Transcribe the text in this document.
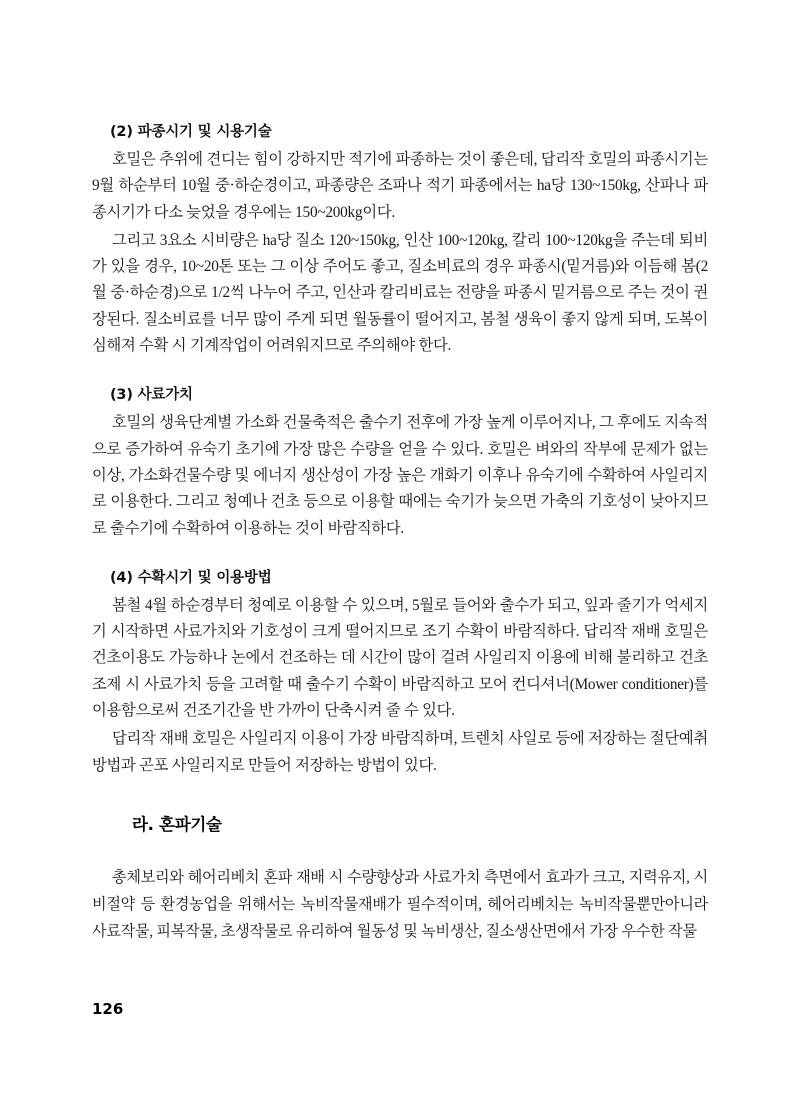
(2) 파종시기 및 시용기술

호밀은 추위에 견디는 힘이 강하지만 적기에 파종하는 것이 좋은데, 답리작 호밀의 파종시기는 9월 하순부터 10월 중·하순경이고, 파종량은 조파나 적기 파종에서는 ha당 130~150kg, 산파나 파종시기가 다소 늦었을 경우에는 150~200kg이다.

그리고 3요소 시비량은 ha당 질소 120~150kg, 인산 100~120kg, 칼리 100~120kg을 주는데 퇴비가 있을 경우, 10~20톤 또는 그 이상 주어도 좋고, 질소비료의 경우 파종시(밑거름)와 이듬해 봄(2월 중·하순경)으로 1/2씩 나누어 주고, 인산과 칼리비료는 전량을 파종시 밑거름으로 주는 것이 권장된다. 질소비료를 너무 많이 주게 되면 월동률이 떨어지고, 봄철 생육이 좋지 않게 되며, 도복이 심해져 수확 시 기계작업이 어려워지므로 주의해야 한다.

(3) 사료가치

호밀의 생육단계별 가소화 건물축적은 출수기 전후에 가장 높게 이루어지나, 그 후에도 지속적으로 증가하여 유숙기 초기에 가장 많은 수량을 얻을 수 있다. 호밀은 벼와의 작부에 문제가 없는 이상, 가소화건물수량 및 에너지 생산성이 가장 높은 개화기 이후나 유숙기에 수확하여 사일리지로 이용한다. 그리고 청예나 건초 등으로 이용할 때에는 숙기가 늦으면 가축의 기호성이 낮아지므로 출수기에 수확하여 이용하는 것이 바람직하다.

(4) 수확시기 및 이용방법

봄철 4월 하순경부터 청예로 이용할 수 있으며, 5월로 들어와 출수가 되고, 잎과 줄기가 억세지기 시작하면 사료가치와 기호성이 크게 떨어지므로 조기 수확이 바람직하다. 답리작 재배 호밀은 건초이용도 가능하나 논에서 건조하는 데 시간이 많이 걸려 사일리지 이용에 비해 불리하고 건초 조제 시 사료가치 등을 고려할 때 출수기 수확이 바람직하고 모어 컨디셔너(Mower conditioner)를 이용함으로써 건조기간을 반 가까이 단축시켜 줄 수 있다.

답리작 재배 호밀은 사일리지 이용이 가장 바람직하며, 트렌치 사일로 등에 저장하는 절단예취 방법과 곤포 사일리지로 만들어 저장하는 방법이 있다.

라. 혼파기술

총체보리와 헤어리베치 혼파 재배 시 수량향상과 사료가치 측면에서 효과가 크고, 지력유지, 시비절약 등 환경농업을 위해서는 녹비작물재배가 필수적이며, 헤어리베치는 녹비작물뿐만아니라 사료작물, 피복작물, 초생작물로 유리하여 월동성 및 녹비생산, 질소생산면에서 가장 우수한 작물

126
